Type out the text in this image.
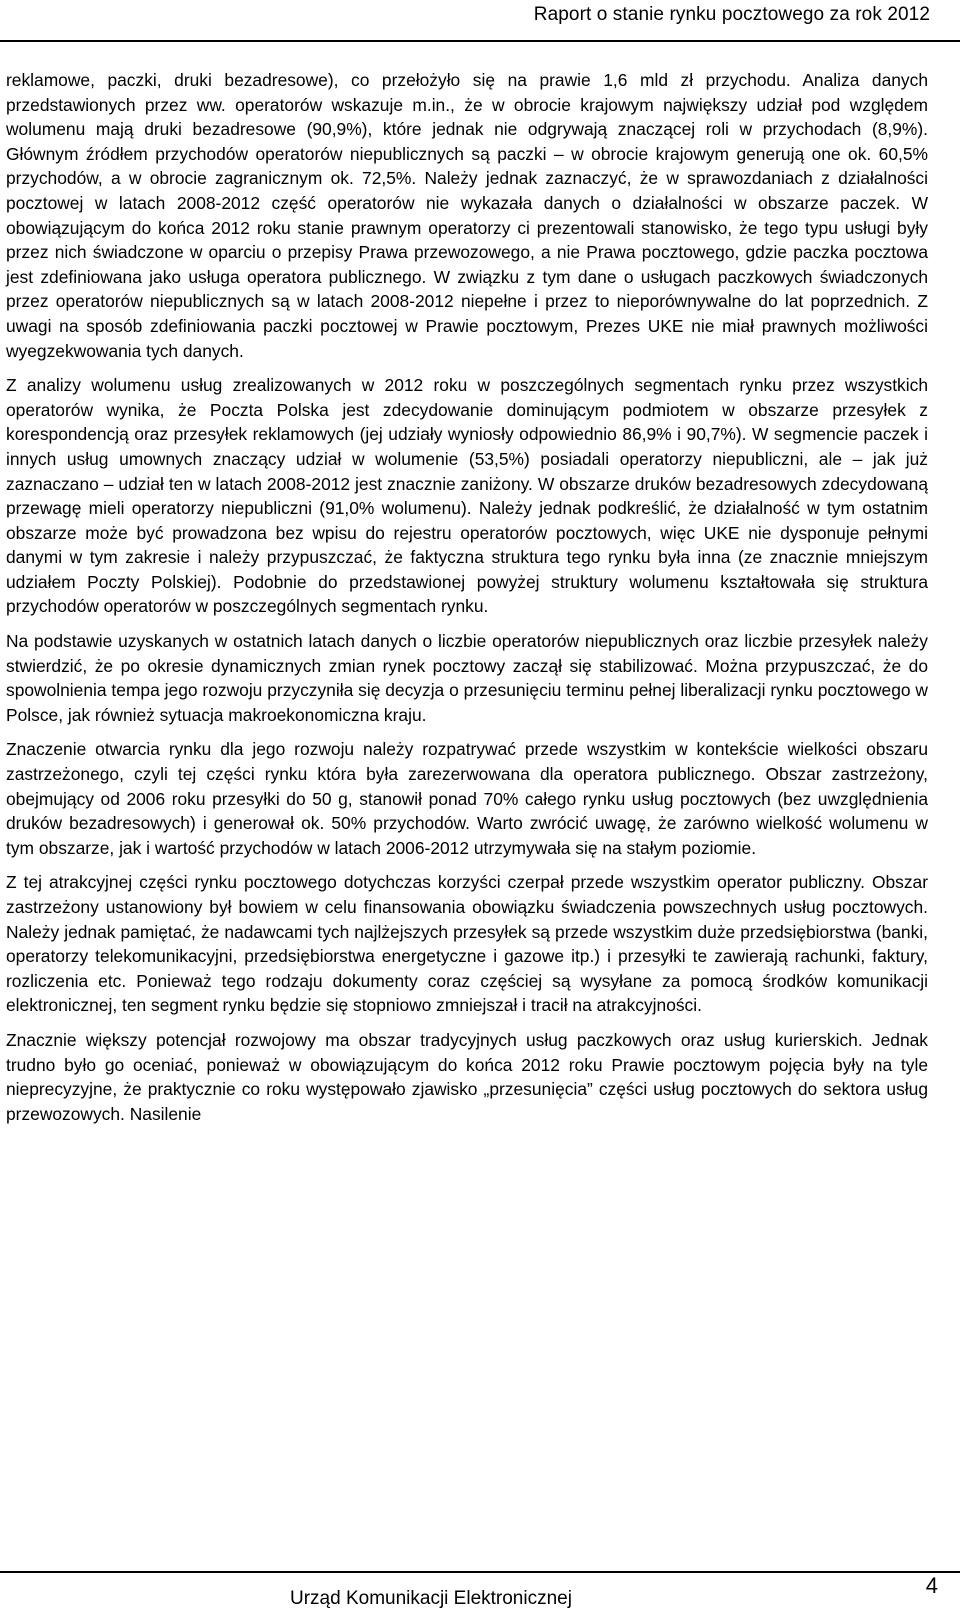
Raport o stanie rynku pocztowego za rok 2012

reklamowe, paczki, druki bezadresowe), co przełożyło się na prawie 1,6 mld zł przychodu. Analiza danych przedstawionych przez ww. operatorów wskazuje m.in., że w obrocie krajowym największy udział pod względem wolumenu mają druki bezadresowe (90,9%), które jednak nie odgrywają znaczącej roli w przychodach (8,9%). Głównym źródłem przychodów operatorów niepublicznych są paczki – w obrocie krajowym generują one ok. 60,5% przychodów, a w obrocie zagranicznym ok. 72,5%. Należy jednak zaznaczyć, że w sprawozdaniach z działalności pocztowej w latach 2008-2012 część operatorów nie wykazała danych o działalności w obszarze paczek. W obowiązującym do końca 2012 roku stanie prawnym operatorzy ci prezentowali stanowisko, że tego typu usługi były przez nich świadczone w oparciu o przepisy Prawa przewozowego, a nie Prawa pocztowego, gdzie paczka pocztowa jest zdefiniowana jako usługa operatora publicznego. W związku z tym dane o usługach paczkowych świadczonych przez operatorów niepublicznych są w latach 2008-2012 niepełne i przez to nieporównywalne do lat poprzednich. Z uwagi na sposób zdefiniowania paczki pocztowej w Prawie pocztowym, Prezes UKE nie miał prawnych możliwości wyegzekwowania tych danych.

Z analizy wolumenu usług zrealizowanych w 2012 roku w poszczególnych segmentach rynku przez wszystkich operatorów wynika, że Poczta Polska jest zdecydowanie dominującym podmiotem w obszarze przesyłek z korespondencją oraz przesyłek reklamowych (jej udziały wyniosły odpowiednio 86,9% i 90,7%). W segmencie paczek i innych usług umownych znaczący udział w wolumenie (53,5%) posiadali operatorzy niepubliczni, ale – jak już zaznaczano – udział ten w latach 2008-2012 jest znacznie zaniżony. W obszarze druków bezadresowych zdecydowaną przewagę mieli operatorzy niepubliczni (91,0% wolumenu). Należy jednak podkreślić, że działalność w tym ostatnim obszarze może być prowadzona bez wpisu do rejestru operatorów pocztowych, więc UKE nie dysponuje pełnymi danymi w tym zakresie i należy przypuszczać, że faktyczna struktura tego rynku była inna (ze znacznie mniejszym udziałem Poczty Polskiej). Podobnie do przedstawionej powyżej struktury wolumenu kształtowała się struktura przychodów operatorów w poszczególnych segmentach rynku.

Na podstawie uzyskanych w ostatnich latach danych o liczbie operatorów niepublicznych oraz liczbie przesyłek należy stwierdzić, że po okresie dynamicznych zmian rynek pocztowy zaczął się stabilizować. Można przypuszczać, że do spowolnienia tempa jego rozwoju przyczyniła się decyzja o przesunięciu terminu pełnej liberalizacji rynku pocztowego w Polsce, jak również sytuacja makroekonomiczna kraju.

Znaczenie otwarcia rynku dla jego rozwoju należy rozpatrywać przede wszystkim w kontekście wielkości obszaru zastrzeżonego, czyli tej części rynku która była zarezerwowana dla operatora publicznego. Obszar zastrzeżony, obejmujący od 2006 roku przesyłki do 50 g, stanowił ponad 70% całego rynku usług pocztowych (bez uwzględnienia druków bezadresowych) i generował ok. 50% przychodów. Warto zwrócić uwagę, że zarówno wielkość wolumenu w tym obszarze, jak i wartość przychodów w latach 2006-2012 utrzymywała się na stałym poziomie.

Z tej atrakcyjnej części rynku pocztowego dotychczas korzyści czerpał przede wszystkim operator publiczny. Obszar zastrzeżony ustanowiony był bowiem w celu finansowania obowiązku świadczenia powszechnych usług pocztowych. Należy jednak pamiętać, że nadawcami tych najlżejszych przesyłek są przede wszystkim duże przedsiębiorstwa (banki, operatorzy telekomunikacyjni, przedsiębiorstwa energetyczne i gazowe itp.) i przesyłki te zawierają rachunki, faktury, rozliczenia etc. Ponieważ tego rodzaju dokumenty coraz częściej są wysyłane za pomocą środków komunikacji elektronicznej, ten segment rynku będzie się stopniowo zmniejszał i tracił na atrakcyjności.

Znacznie większy potencjał rozwojowy ma obszar tradycyjnych usług paczkowych oraz usług kurierskich. Jednak trudno było go oceniać, ponieważ w obowiązującym do końca 2012 roku Prawie pocztowym pojęcia były na tyle nieprecyzyjne, że praktycznie co roku występowało zjawisko „przesunięcia” części usług pocztowych do sektora usług przewozowych. Nasilenie

Urząd Komunikacji Elektronicznej
4
